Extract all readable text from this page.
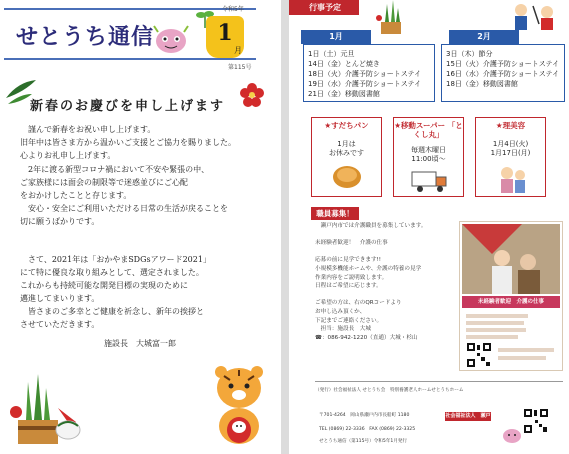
せとうち通信
令和5年
第115号
1
月
新春のお慶びを申し上げます
　謹んで新春をお祝い申し上げます。
旧年中は皆さま方から温かいご支援とご協力を賜りました。
心よりお礼申し上げます。
　2年に渡る新型コロナ禍において不安や緊張の中、
ご家族様には面会の制限等で迷惑並びにご心配
をおかけしたことと存じます。
　安心・安全にご利用いただける日常の生活が戻ることを
切に願うばかりです。
　さて、2021年は「おかやまSDGsアワード2021」
にて特に優良な取り組みとして、選定されました。
これからも持続可能な開発目標の実現のために
邁進してまいります。
　皆さまのご多幸とご健康を祈念し、新年の挨拶と
させていただきます。
施設長　大城富一郎
行事予定
1月	2月
1日（土）元旦
14日（金）とんど焼き
18日（火）介護予防ショートステイ
19日（水）介護予防ショートステイ
21日（金）移動図書館
3日（木）節分
15日（火）介護予防ショートステイ
16日（水）介護予防ショートステイ
18日（金）移動図書館
★すだちパン
1月は
お休みです
★移動スーパー 「とくし丸」
毎週木曜日
11:00頃～
★理美容
1月4日(火)
1月17日(月)
職員募集！
　瀬戸内市では介護職員を募集しています。

未経験者歓迎！　介護の仕事

応募の前に見学できます!!
小規模多機能ホームや、介護の特養の見学
作業内容をご説明致します。
日程はご希望に応じます。

ご希望の方は、右のQRコードより
お申し込み頂くか、
下記までご連絡ください。
　担当：施設長　大城
☎：086-942-1220（直通）大城・杉山
未経験者歓迎　介護の仕事
（発行）社会福祉法人 せとうち会　特別養護老人ホームせとうちホーム
〒701-4264　岡山県瀬戸内市長船町 1180
TEL (0869) 22-3336　FAX (0869) 22-3325
せとうち通信（第115号）令和5年1月発行
社会福祉法人　瀬戸会
